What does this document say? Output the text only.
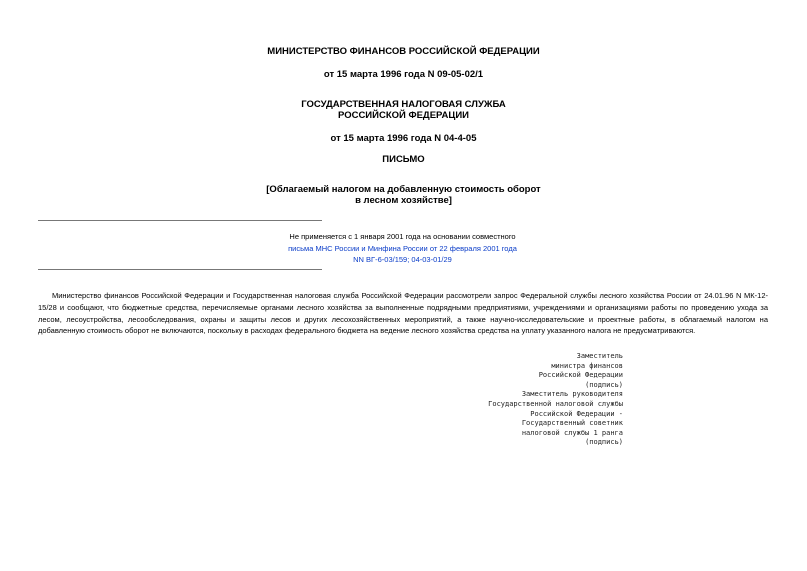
МИНИСТЕРСТВО ФИНАНСОВ РОССИЙСКОЙ ФЕДЕРАЦИИ
от 15 марта 1996 года N 09-05-02/1
ГОСУДАРСТВЕННАЯ НАЛОГОВАЯ СЛУЖБА
РОССИЙСКОЙ ФЕДЕРАЦИИ
от 15 марта 1996 года N 04-4-05
ПИСЬМО
[Облагаемый налогом на добавленную стоимость оборот
в лесном хозяйстве]
Не применяется с 1 января 2001 года на основании совместного
письма МНС России и Минфина России от 22 февраля 2001 года
NN ВГ-6-03/159; 04-03-01/29

Министерство финансов Российской Федерации и Государственная налоговая служба Российской Федерации рассмотрели запрос Федеральной службы лесного хозяйства России от 24.01.96 N МК-12-15/28 и сообщают, что бюджетные средства, перечисляемые органами лесного хозяйства за выполненные подрядными предприятиями, учреждениями и организациями работы по проведению ухода за лесом, лесоустройства, лесообследования, охраны и защиты лесов и других лесохозяйственных мероприятий, а также научно-исследовательские и проектные работы, в облагаемый налогом на добавленную стоимость оборот не включаются, поскольку в расходах федерального бюджета на ведение лесного хозяйства средства на уплату указанного налога не предусматриваются.

Заместитель
министра финансов
Российской Федерации
(подпись)
Заместитель руководителя
Государственной налоговой службы
Российской Федерации -
Государственный советник
налоговой службы 1 ранга
(подпись)
